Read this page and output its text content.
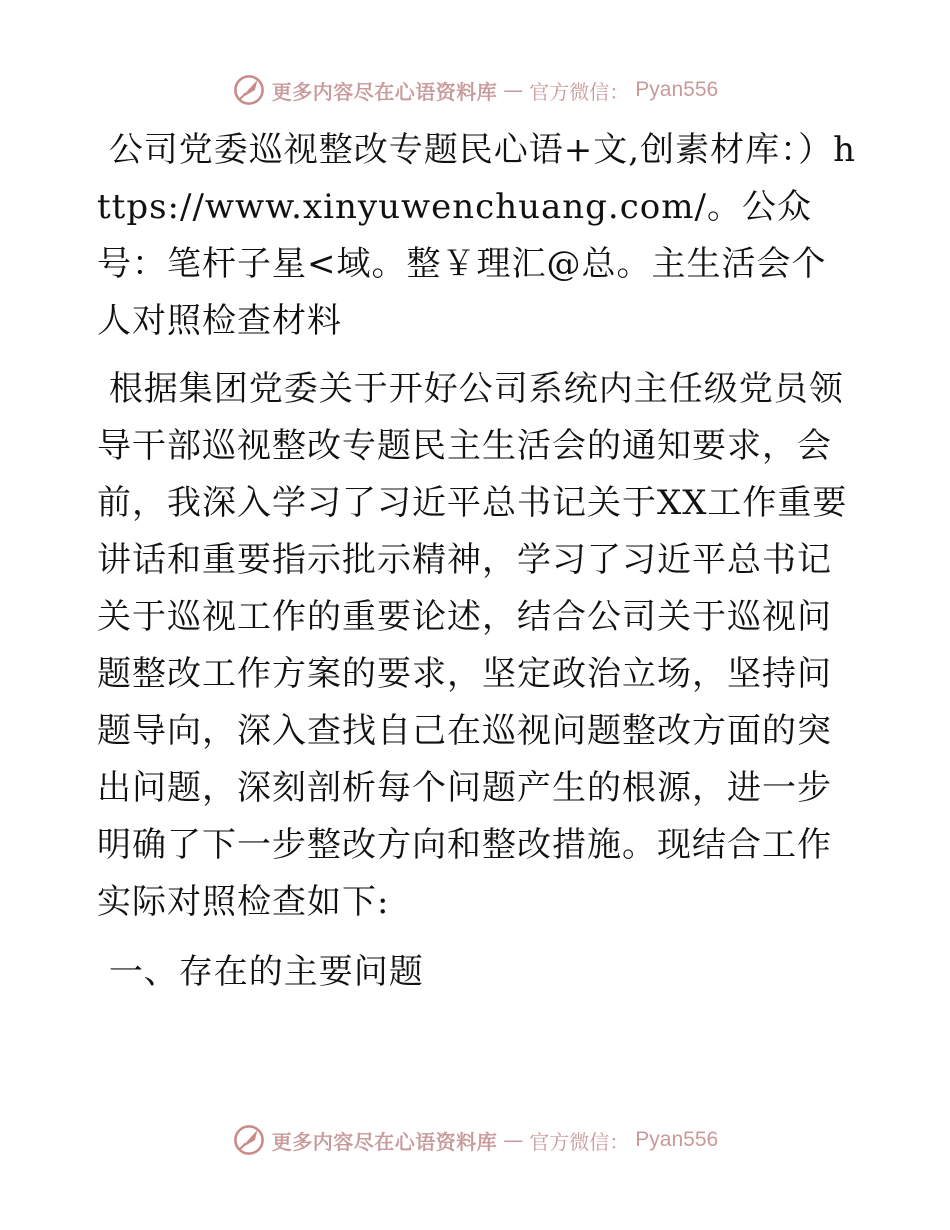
更多内容尽在心语资料库 — 官方微信： Pyan556

公司党委巡视整改专题民心语+文,创素材库：）https://www.xinyuwenchuang.com/。公众号：笔杆子星<域。整￥理汇@总。主生活会个人对照检查材料

根据集团党委关于开好公司系统内主任级党员领导干部巡视整改专题民主生活会的通知要求，会前，我深入学习了习近平总书记关于XX工作重要讲话和重要指示批示精神，学习了习近平总书记关于巡视工作的重要论述，结合公司关于巡视问题整改工作方案的要求，坚定政治立场，坚持问题导向，深入查找自己在巡视问题整改方面的突出问题，深刻剖析每个问题产生的根源，进一步明确了下一步整改方向和整改措施。现结合工作实际对照检查如下:

一、存在的主要问题

更多内容尽在心语资料库 — 官方微信： Pyan556
